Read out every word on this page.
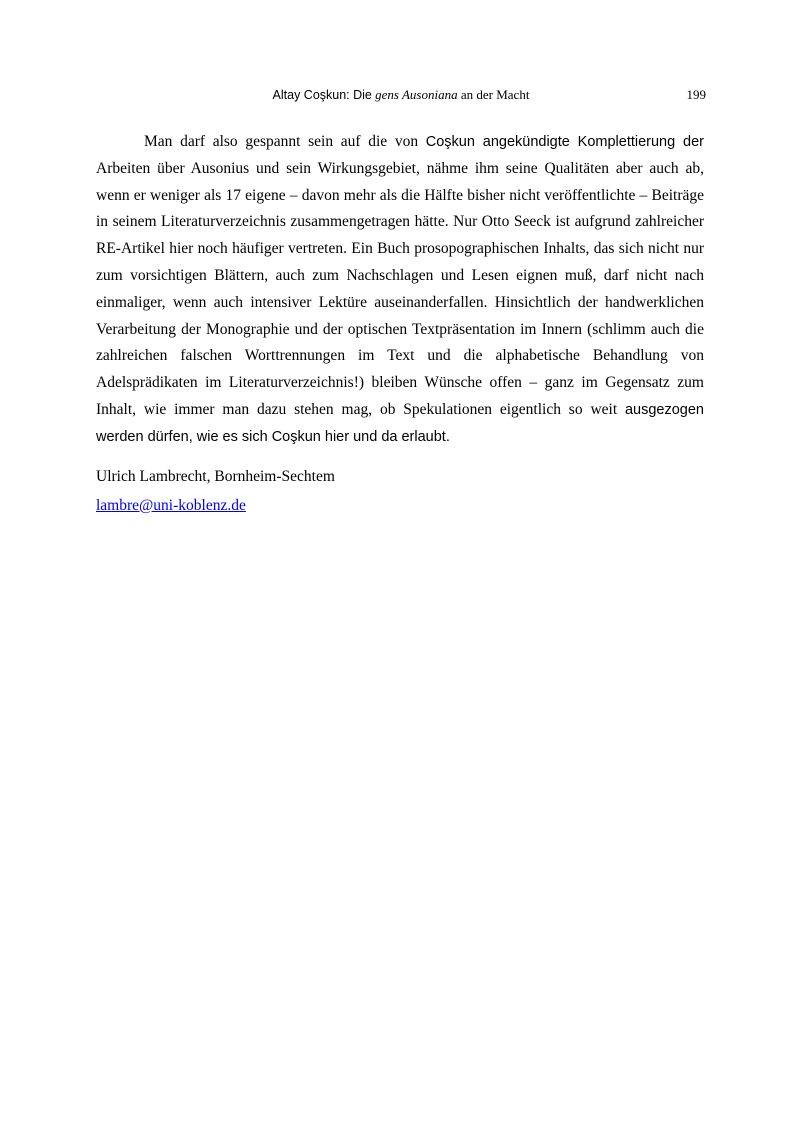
Altay Coşkun: Die gens Ausoniana an der Macht	199

Man darf also gespannt sein auf die von Coşkun angekündigte Komplettierung der Arbeiten über Ausonius und sein Wirkungsgebiet, nähme ihm seine Qualitäten aber auch ab, wenn er weniger als 17 eigene – davon mehr als die Hälfte bisher nicht veröffentlichte – Beiträge in seinem Literaturverzeichnis zusammengetragen hätte. Nur Otto Seeck ist aufgrund zahlreicher RE-Artikel hier noch häufiger vertreten. Ein Buch prosopographischen Inhalts, das sich nicht nur zum vorsichtigen Blättern, auch zum Nachschlagen und Lesen eignen muß, darf nicht nach einmaliger, wenn auch intensiver Lektüre auseinanderfallen. Hinsichtlich der handwerklichen Verarbeitung der Monographie und der optischen Textpräsentation im Innern (schlimm auch die zahlreichen falschen Worttrennungen im Text und die alphabetische Behandlung von Adelsprädikaten im Literaturverzeichnis!) bleiben Wünsche offen – ganz im Gegensatz zum Inhalt, wie immer man dazu stehen mag, ob Spekulationen eigentlich so weit ausgezogen werden dürfen, wie es sich Coşkun hier und da erlaubt.

Ulrich Lambrecht, Bornheim-Sechtem
lambre@uni-koblenz.de
